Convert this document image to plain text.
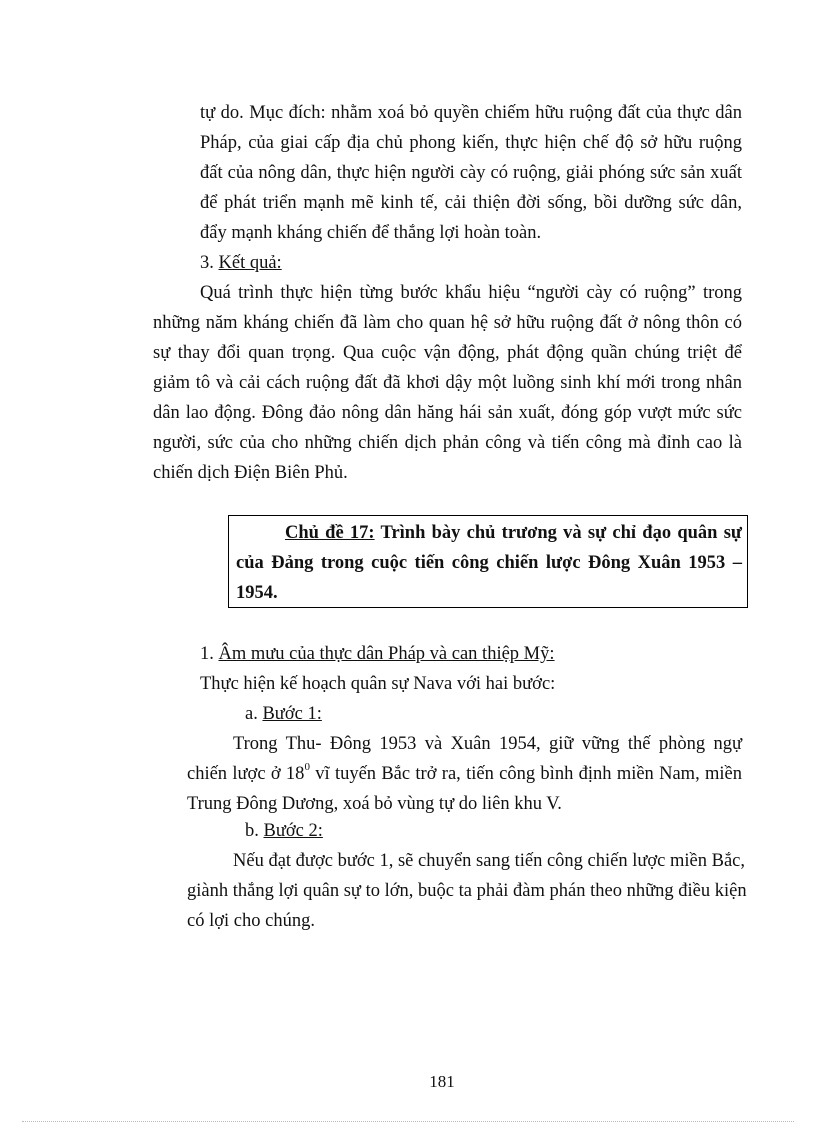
tự do. Mục đích: nhằm xoá bỏ quyền chiếm hữu ruộng đất của thực dân
Pháp, của giai cấp địa chủ phong kiến, thực hiện chế độ sở hữu ruộng
đất của nông dân, thực hiện người cày có ruộng, giải phóng sức sản xuất
để phát triển mạnh mẽ kinh tế, cải thiện đời sống, bồi dưỡng sức dân,
đẩy mạnh kháng chiến để thắng lợi hoàn toàn.
3. Kết quả:
Quá trình thực hiện từng bước khẩu hiệu “người cày có ruộng” trong
những năm kháng chiến đã làm cho quan hệ sở hữu ruộng đất ở nông thôn có
sự thay đổi quan trọng. Qua cuộc vận động, phát động quần chúng triệt để
giảm tô và cải cách ruộng đất đã khơi dậy một luồng sinh khí mới trong nhân
dân lao động. Đông đảo nông dân hăng hái sản xuất, đóng góp vượt mức sức
người, sức của cho những chiến dịch phản công và tiến công mà đỉnh cao là
chiến dịch Điện Biên Phủ.
Chủ đề 17: Trình bày chủ trương và sự chỉ đạo quân sự
của Đảng trong cuộc tiến công chiến lược Đông Xuân 1953 –
1954.
1. Âm mưu của thực dân Pháp và can thiệp Mỹ:
Thực hiện kế hoạch quân sự Nava với hai bước:
a. Bước 1:
Trong Thu- Đông 1953 và Xuân 1954, giữ vững thế phòng ngự
chiến lược ở $18^0$ vĩ tuyến Bắc trở ra, tiến công bình định miền Nam, miền
Trung Đông Dương, xoá bỏ vùng tự do liên khu V.
b. Bước 2:
Nếu đạt được bước 1, sẽ chuyển sang tiến công chiến lược miền Bắc,
giành thắng lợi quân sự to lớn, buộc ta phải đàm phán theo những điều kiện
có lợi cho chúng.
181
